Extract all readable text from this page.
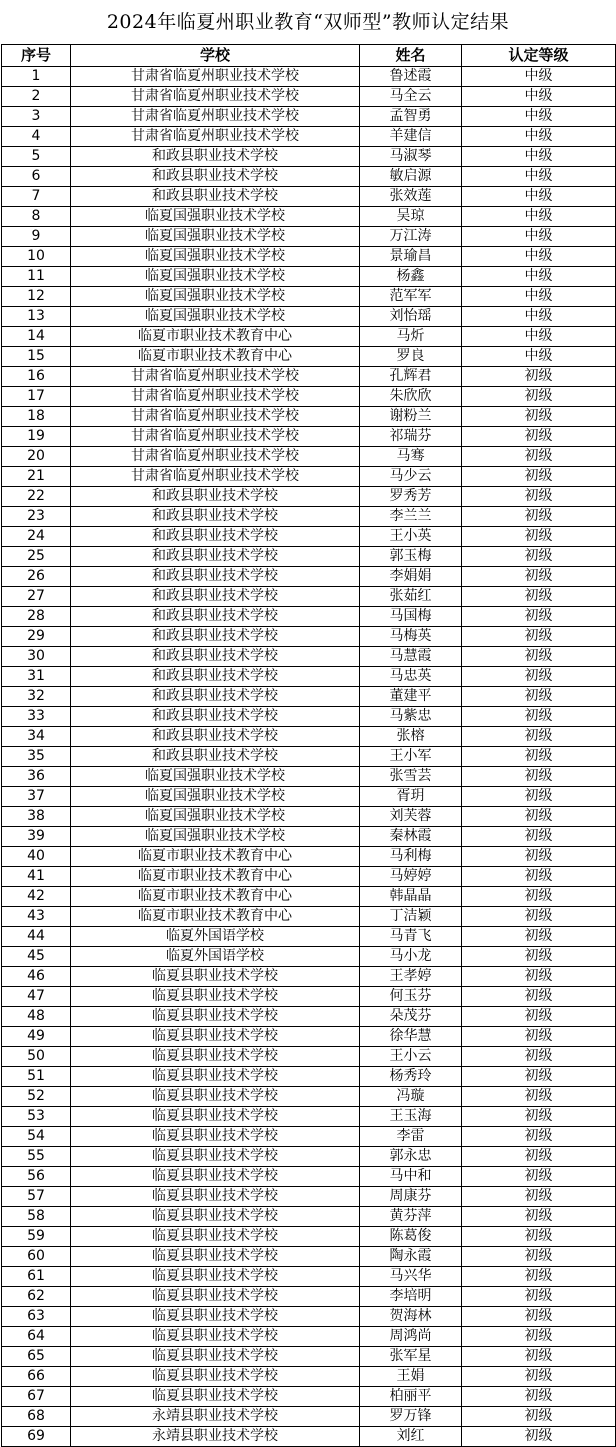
2024年临夏州职业教育“双师型”教师认定结果
序号	学校	姓名	认定等级
1	甘肃省临夏州职业技术学校	鲁述霞	中级
2	甘肃省临夏州职业技术学校	马全云	中级
3	甘肃省临夏州职业技术学校	孟智勇	中级
4	甘肃省临夏州职业技术学校	羊建信	中级
5	和政县职业技术学校	马淑琴	中级
6	和政县职业技术学校	敏启源	中级
7	和政县职业技术学校	张效莲	中级
8	临夏国强职业技术学校	吴琼	中级
9	临夏国强职业技术学校	万江涛	中级
10	临夏国强职业技术学校	景瑜昌	中级
11	临夏国强职业技术学校	杨鑫	中级
12	临夏国强职业技术学校	范军军	中级
13	临夏国强职业技术学校	刘怡瑶	中级
14	临夏市职业技术教育中心	马炘	中级
15	临夏市职业技术教育中心	罗良	中级
16	甘肃省临夏州职业技术学校	孔辉君	初级
17	甘肃省临夏州职业技术学校	朱欣欣	初级
18	甘肃省临夏州职业技术学校	谢粉兰	初级
19	甘肃省临夏州职业技术学校	祁瑞芬	初级
20	甘肃省临夏州职业技术学校	马骞	初级
21	甘肃省临夏州职业技术学校	马少云	初级
22	和政县职业技术学校	罗秀芳	初级
23	和政县职业技术学校	李兰兰	初级
24	和政县职业技术学校	王小英	初级
25	和政县职业技术学校	郭玉梅	初级
26	和政县职业技术学校	李娟娟	初级
27	和政县职业技术学校	张茹红	初级
28	和政县职业技术学校	马国梅	初级
29	和政县职业技术学校	马梅英	初级
30	和政县职业技术学校	马慧霞	初级
31	和政县职业技术学校	马忠英	初级
32	和政县职业技术学校	董建平	初级
33	和政县职业技术学校	马紫忠	初级
34	和政县职业技术学校	张榕	初级
35	和政县职业技术学校	王小军	初级
36	临夏国强职业技术学校	张雪芸	初级
37	临夏国强职业技术学校	胥玥	初级
38	临夏国强职业技术学校	刘芙蓉	初级
39	临夏国强职业技术学校	秦林霞	初级
40	临夏市职业技术教育中心	马利梅	初级
41	临夏市职业技术教育中心	马婷婷	初级
42	临夏市职业技术教育中心	韩晶晶	初级
43	临夏市职业技术教育中心	丁洁颖	初级
44	临夏外国语学校	马青飞	初级
45	临夏外国语学校	马小龙	初级
46	临夏县职业技术学校	王孝婷	初级
47	临夏县职业技术学校	何玉芬	初级
48	临夏县职业技术学校	朵茂芬	初级
49	临夏县职业技术学校	徐华慧	初级
50	临夏县职业技术学校	王小云	初级
51	临夏县职业技术学校	杨秀玲	初级
52	临夏县职业技术学校	冯璇	初级
53	临夏县职业技术学校	王玉海	初级
54	临夏县职业技术学校	李雷	初级
55	临夏县职业技术学校	郭永忠	初级
56	临夏县职业技术学校	马中和	初级
57	临夏县职业技术学校	周康芬	初级
58	临夏县职业技术学校	黄芬萍	初级
59	临夏县职业技术学校	陈葛俊	初级
60	临夏县职业技术学校	陶永霞	初级
61	临夏县职业技术学校	马兴华	初级
62	临夏县职业技术学校	李培明	初级
63	临夏县职业技术学校	贺海林	初级
64	临夏县职业技术学校	周鸿尚	初级
65	临夏县职业技术学校	张军星	初级
66	临夏县职业技术学校	王娟	初级
67	临夏县职业技术学校	柏丽平	初级
68	永靖县职业技术学校	罗万锋	初级
69	永靖县职业技术学校	刘红	初级
